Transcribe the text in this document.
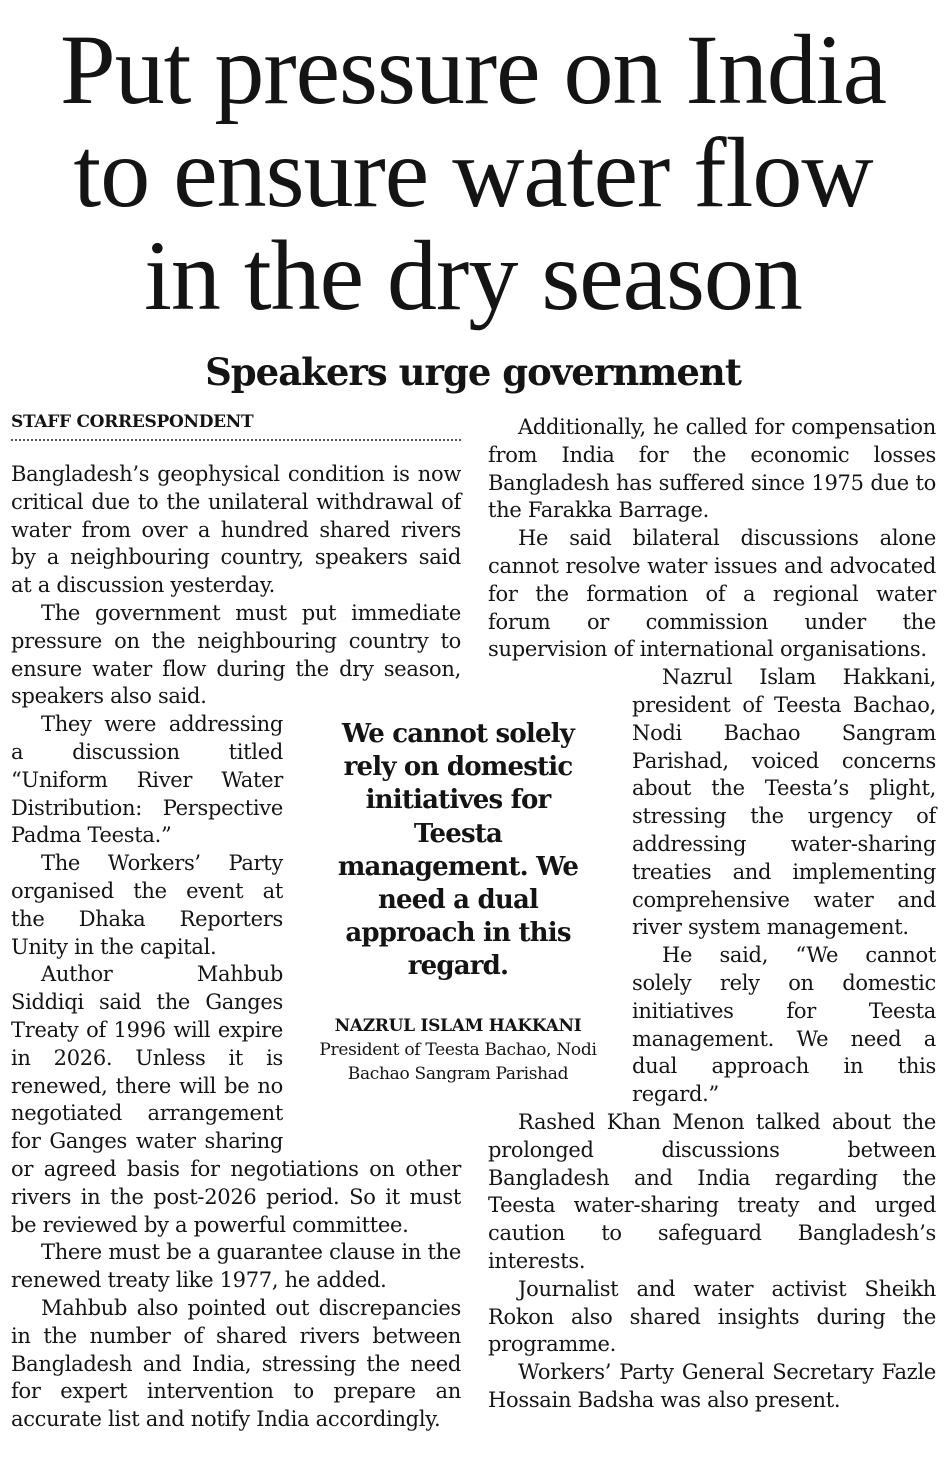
Put pressure on India
to ensure water flow
in the dry season
Speakers urge government
STAFF CORRESPONDENT

Bangladesh’s geophysical condition is now critical due to the unilateral withdrawal of water from over a hundred shared rivers by a neighbouring country, speakers said at a discussion yesterday.

The government must put immediate pressure on the neighbouring country to ensure water flow during the dry season, speakers also said.

They were addressing a discussion titled “Uniform River Water Distribution: Perspective Padma Teesta.”

The Workers’ Party organised the event at the Dhaka Reporters Unity in the capital.

Author Mahbub Siddiqi said the Ganges Treaty of 1996 will expire in 2026. Unless it is renewed, there will be no negotiated arrangement for Ganges water sharing or agreed basis for negotiations on other rivers in the post-2026 period. So it must be reviewed by a powerful committee.

There must be a guarantee clause in the renewed treaty like 1977, he added.

Mahbub also pointed out discrepancies in the number of shared rivers between Bangladesh and India, stressing the need for expert intervention to prepare an accurate list and notify India accordingly.

Additionally, he called for compensation from India for the economic losses Bangladesh has suffered since 1975 due to the Farakka Barrage.

He said bilateral discussions alone cannot resolve water issues and advocated for the formation of a regional water forum or commission under the supervision of international organisations.

Nazrul Islam Hakkani, president of Teesta Bachao, Nodi Bachao Sangram Parishad, voiced concerns about the Teesta’s plight, stressing the urgency of addressing water-sharing treaties and implementing comprehensive water and river system management.

He said, “We cannot solely rely on domestic initiatives for Teesta management. We need a dual approach in this regard.”

Rashed Khan Menon talked about the prolonged discussions between Bangladesh and India regarding the Teesta water-sharing treaty and urged caution to safeguard Bangladesh’s interests.

Journalist and water activist Sheikh Rokon also shared insights during the programme.

Workers’ Party General Secretary Fazle Hossain Badsha was also present.

We cannot solely rely on domestic initiatives for Teesta management. We need a dual approach in this regard.

NAZRUL ISLAM HAKKANI
President of Teesta Bachao, Nodi Bachao Sangram Parishad
